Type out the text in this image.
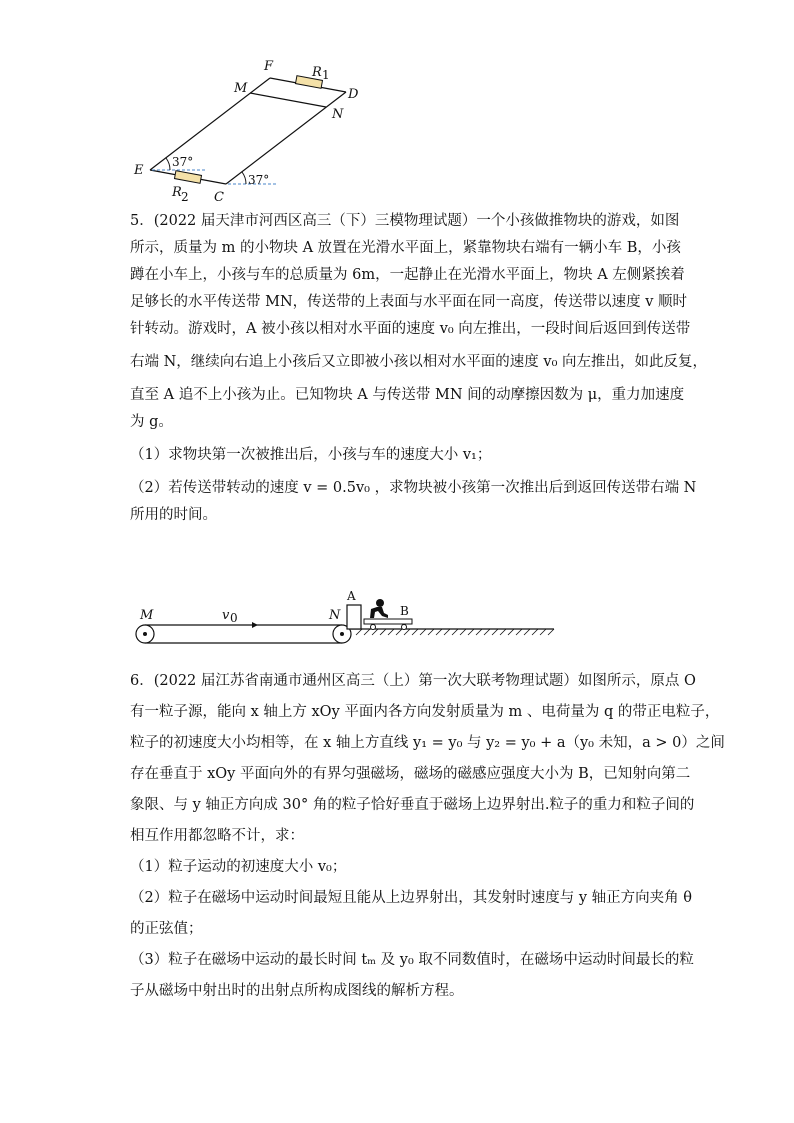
F
M
R 1
D
N
E
37°
R 2 C
37°
5．(2022 届天津市河西区高三（下）三模物理试题）一个小孩做推物块的游戏，如图
所示，质量为 m 的小物块 A 放置在光滑水平面上，紧靠物块右端有一辆小车 B，小孩
蹲在小车上，小孩与车的总质量为 6m，一起静止在光滑水平面上，物块 A 左侧紧挨着
足够长的水平传送带 MN，传送带的上表面与水平面在同一高度，传送带以速度 v 顺时
针转动。游戏时，A 被小孩以相对水平面的速度 v₀ 向左推出，一段时间后返回到传送带
右端 N，继续向右追上小孩后又立即被小孩以相对水平面的速度 v₀ 向左推出，如此反复，
直至 A 追不上小孩为止。已知物块 A 与传送带 MN 间的动摩擦因数为 μ，重力加速度
为 g。
（1）求物块第一次被推出后，小孩与车的速度大小 v₁；
（2）若传送带转动的速度 v = 0.5v₀ ，求物块被小孩第一次推出后到返回传送带右端 N
所用的时间。
M	v 0	N
A
B
6．(2022 届江苏省南通市通州区高三（上）第一次大联考物理试题）如图所示，原点 O
有一粒子源，能向 x 轴上方 xOy 平面内各方向发射质量为 m 、电荷量为 q 的带正电粒子，
粒子的初速度大小均相等，在 x 轴上方直线 y₁ = y₀ 与 y₂ = y₀ + a（y₀ 未知，a > 0）之间
存在垂直于 xOy 平面向外的有界匀强磁场，磁场的磁感应强度大小为 B，已知射向第二
象限、与 y 轴正方向成 30° 角的粒子恰好垂直于磁场上边界射出.粒子的重力和粒子间的
相互作用都忽略不计，求：
（1）粒子运动的初速度大小 v₀；
（2）粒子在磁场中运动时间最短且能从上边界射出，其发射时速度与 y 轴正方向夹角 θ
的正弦值；
（3）粒子在磁场中运动的最长时间 tₘ 及 y₀ 取不同数值时，在磁场中运动时间最长的粒
子从磁场中射出时的出射点所构成图线的解析方程。
